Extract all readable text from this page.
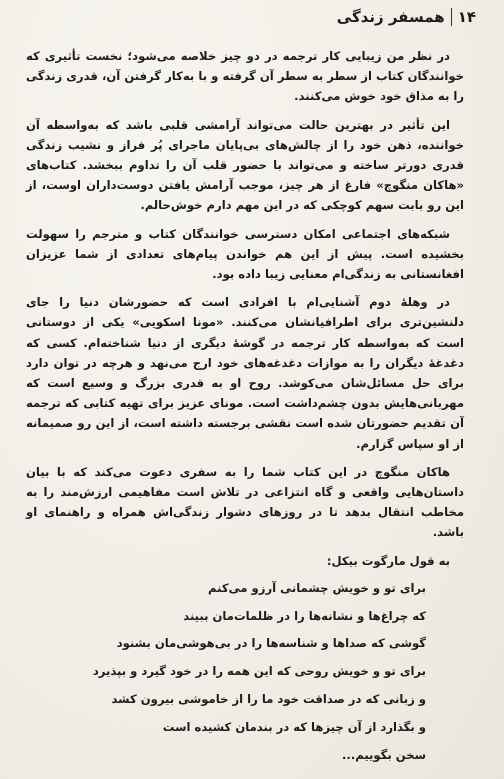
۱۴
همسفر زندگی

در نظر من زیبایی کار ترجمه در دو چیز خلاصه می‌شود؛ نخست تأثیری که خوانندگان کتاب از سطر به سطر آن گرفته و با به‌کار گرفتن آن، قدری زندگی را به مذاق خود خوش می‌کنند.

این تأثیر در بهترین حالت می‌تواند آرامشی قلبی باشد که به‌واسطه آن خواننده، ذهن خود را از چالش‌های بی‌پایان ماجرای پُر فراز و نشیب زندگی قدری دورتر ساخته و می‌تواند با حضور قلب آن را تداوم ببخشد. کتاب‌های «هاکان منگوچ» فارغ از هر چیز، موجب آرامش یافتن دوست‌داران اوست، از این رو بابت سهم کوچکی که در این مهم دارم خوش‌حالم.

شبکه‌های اجتماعی امکان دسترسی خوانندگان کتاب و مترجم را سهولت بخشیده است. پیش از این هم خواندن پیام‌های تعدادی از شما عزیزان افغانستانی به زندگی‌ام معنایی زیبا داده بود.

در وهلهٔ دوم آشنایی‌ام با افرادی است که حضورشان دنیا را جای دلنشین‌تری برای اطرافیانشان می‌کنند. «مونا اسکویی» یکی از دوستانی است که به‌واسطه کار ترجمه در گوشهٔ دیگری از دنیا شناخته‌ام. کسی که دغدغهٔ دیگران را به موازات دغدغه‌های خود ارج می‌نهد و هرچه در توان دارد برای حل مسائل‌شان می‌کوشد. روح او به قدری بزرگ و وسیع است که مهربانی‌هایش بدون چشم‌داشت است. مونای عزیز برای تهیه کتابی که ترجمه آن تقدیم حضورتان شده است نقشی برجسته داشته است، از این رو صمیمانه از او سپاس گزارم.

هاکان منگوچ در این کتاب شما را به سفری دعوت می‌کند که با بیان داستان‌هایی واقعی و گاه انتزاعی در تلاش است مفاهیمی ارزش‌مند را به مخاطب انتقال بدهد تا در روزهای دشوار زندگی‌اش همراه و راهنمای او باشد.

به قول مارگوت بیکل:

برای تو و خویش چشمانی آرزو می‌کنم

که چراغ‌ها و نشانه‌ها را در ظلمات‌مان ببیند

گوشی که صداها و شناسه‌ها را در بی‌هوشی‌مان بشنود

برای تو و خویش روحی که این همه را در خود گیرد و بپذیرد

و زبانی که در صداقت خود ما را از خاموشی بیرون کشد

و بگذارد از آن چیزها که در بندمان کشیده است

سخن بگوییم...
